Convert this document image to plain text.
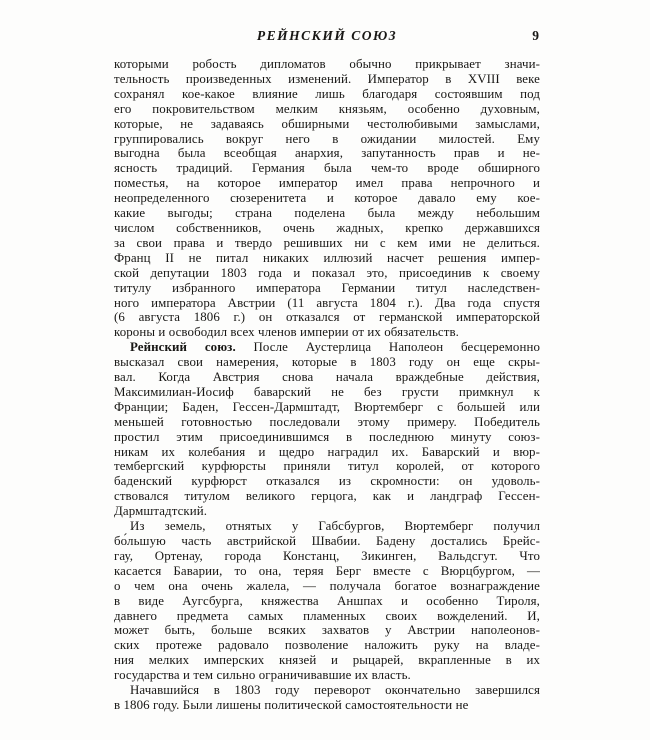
РЕЙНСКИЙ СОЮЗ	9
которыми робость дипломатов обычно прикрывает значи-
тельность произведенных изменений. Император в XVIII веке
сохранял кое-какое влияние лишь благодаря состоявшим под
его покровительством мелким князьям, особенно духовным,
которые, не задаваясь обширными честолюбивыми замыслами,
группировались вокруг него в ожидании милостей. Ему
выгодна была всеобщая анархия, запутанность прав и не-
ясность традиций. Германия была чем-то вроде обширного
поместья, на которое император имел права непрочного и
неопределенного сюзеренитета и которое давало ему кое-
какие выгоды; страна поделена была между небольшим
числом собственников, очень жадных, крепко державшихся
за свои права и твердо решивших ни с кем ими не делиться.
Франц II не питал никаких иллюзий насчет решения импер-
ской депутации 1803 года и показал это, присоединив к своему
титулу избранного императора Германии титул наследствен-
ного императора Австрии (11 августа 1804 г.). Два года спустя
(6 августа 1806 г.) он отказался от германской императорской
короны и освободил всех членов империи от их обязательств.
Рейнский союз. После Аустерлица Наполеон бесцеремонно
высказал свои намерения, которые в 1803 году он еще скры-
вал. Когда Австрия снова начала враждебные действия,
Максимилиан-Иосиф баварский не без грусти примкнул к
Франции; Баден, Гессен-Дармштадт, Вюртемберг с большей или
меньшей готовностью последовали этому примеру. Победитель
простил этим присоединившимся в последнюю минуту союз-
никам их колебания и щедро наградил их. Баварский и вюр-
тембергский курфюрсты приняли титул королей, от которого
баденский курфюрст отказался из скромности: он удоволь-
ствовался титулом великого герцога, как и ландграф Гессен-
Дармштадтский.
Из земель, отнятых у Габсбургов, Вюртемберг получил
бо́льшую часть австрийской Швабии. Бадену достались Брейс-
гау, Ортенау, города Констанц, Зикинген, Вальдсгут. Что
касается Баварии, то она, теряя Берг вместе с Вюрцбургом, —
о чем она очень жалела, — получала богатое вознаграждение
в виде Аугсбурга, княжества Аншпах и особенно Тироля,
давнего предмета самых пламенных своих вожделений. И,
может быть, больше всяких захватов у Австрии наполеонов-
ских протеже радовало позволение наложить руку на владе-
ния мелких имперских князей и рыцарей, вкрапленные в их
государства и тем сильно ограничивавшие их власть.
Начавшийся в 1803 году переворот окончательно завершился
в 1806 году. Были лишены политической самостоятельности не
